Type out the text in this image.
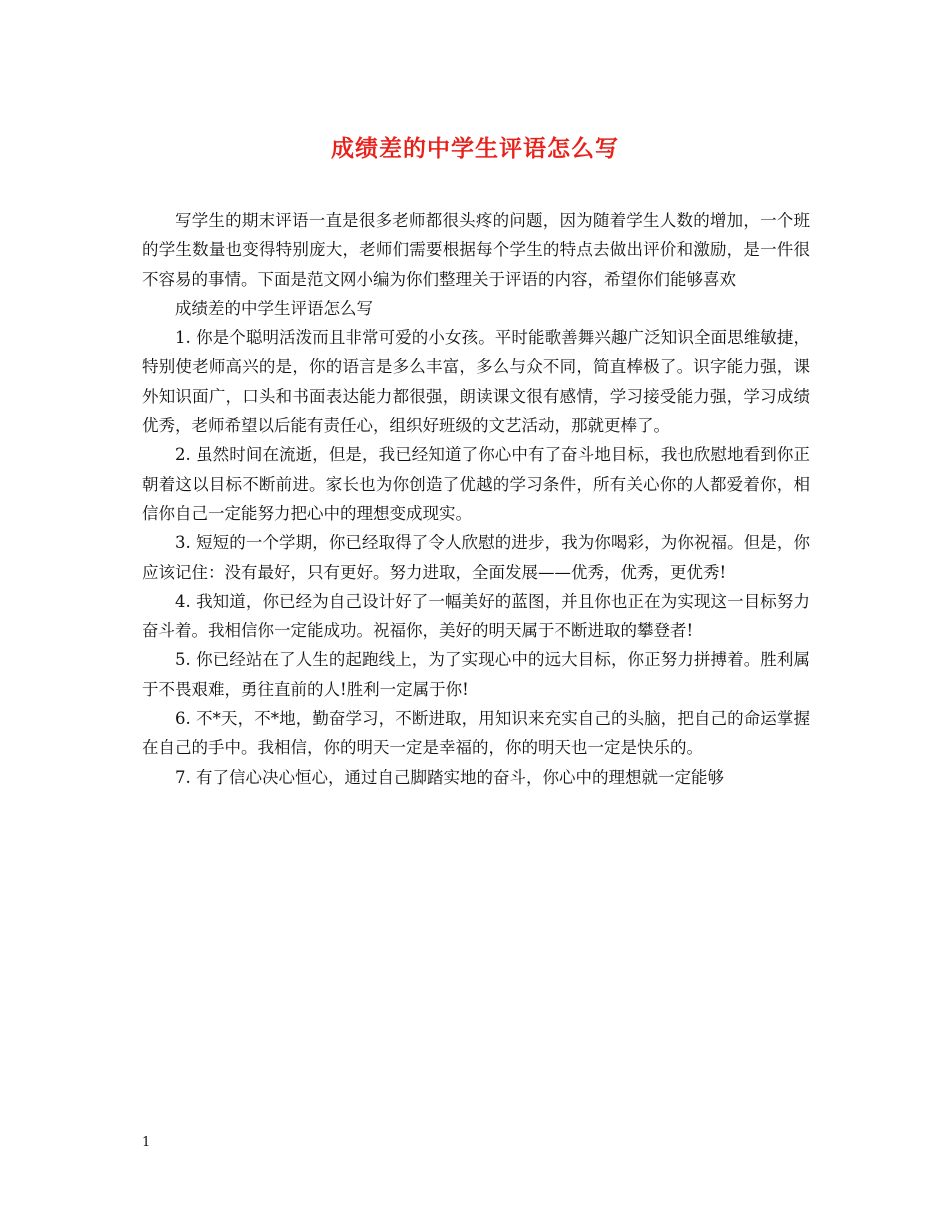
成绩差的中学生评语怎么写

写学生的期末评语一直是很多老师都很头疼的问题，因为随着学生人数的增加，一个班的学生数量也变得特别庞大，老师们需要根据每个学生的特点去做出评价和激励，是一件很不容易的事情。下面是范文网小编为你们整理关于评语的内容，希望你们能够喜欢

成绩差的中学生评语怎么写

1. 你是个聪明活泼而且非常可爱的小女孩。平时能歌善舞兴趣广泛知识全面思维敏捷，特别使老师高兴的是，你的语言是多么丰富，多么与众不同，简直棒极了。识字能力强，课外知识面广，口头和书面表达能力都很强，朗读课文很有感情，学习接受能力强，学习成绩优秀，老师希望以后能有责任心，组织好班级的文艺活动，那就更棒了。

2. 虽然时间在流逝，但是，我已经知道了你心中有了奋斗地目标，我也欣慰地看到你正朝着这以目标不断前进。家长也为你创造了优越的学习条件，所有关心你的人都爱着你，相信你自己一定能努力把心中的理想变成现实。

3. 短短的一个学期，你已经取得了令人欣慰的进步，我为你喝彩，为你祝福。但是，你应该记住：没有最好，只有更好。努力进取，全面发展——优秀，优秀，更优秀!

4. 我知道，你已经为自己设计好了一幅美好的蓝图，并且你也正在为实现这一目标努力奋斗着。我相信你一定能成功。祝福你，美好的明天属于不断进取的攀登者!

5. 你已经站在了人生的起跑线上，为了实现心中的远大目标，你正努力拼搏着。胜利属于不畏艰难，勇往直前的人!胜利一定属于你!

6. 不*天，不*地，勤奋学习，不断进取，用知识来充实自己的头脑，把自己的命运掌握在自己的手中。我相信，你的明天一定是幸福的，你的明天也一定是快乐的。

7. 有了信心决心恒心，通过自己脚踏实地的奋斗，你心中的理想就一定能够

1
